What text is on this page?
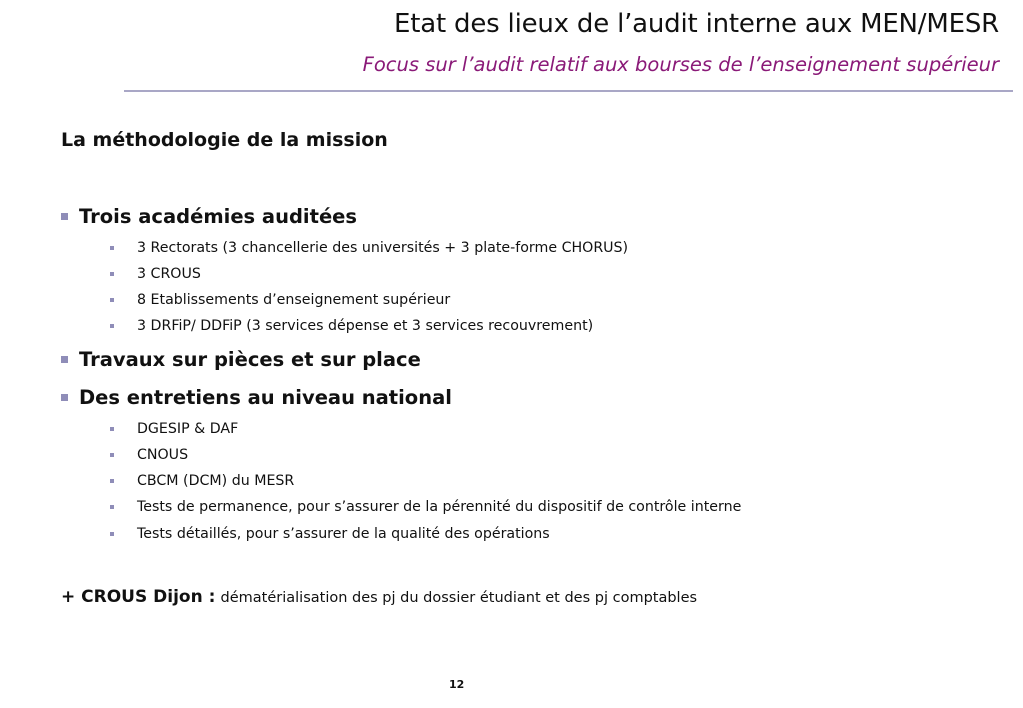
Etat des lieux de l’audit interne aux MEN/MESR
Focus sur l’audit relatif aux bourses de l’enseignement supérieur
La méthodologie de la mission
Trois académies auditées
3 Rectorats (3 chancellerie des universités + 3 plate-forme CHORUS)
3 CROUS
8 Etablissements d’enseignement supérieur
3 DRFiP/ DDFiP (3 services dépense et 3 services recouvrement)
Travaux sur pièces et sur place
Des entretiens au niveau national
DGESIP & DAF
CNOUS
CBCM (DCM) du MESR
Tests de permanence, pour s’assurer de la pérennité du dispositif de contrôle interne
Tests détaillés, pour s’assurer de la qualité des opérations
+ CROUS Dijon : dématérialisation des pj du dossier étudiant et des pj comptables
12
